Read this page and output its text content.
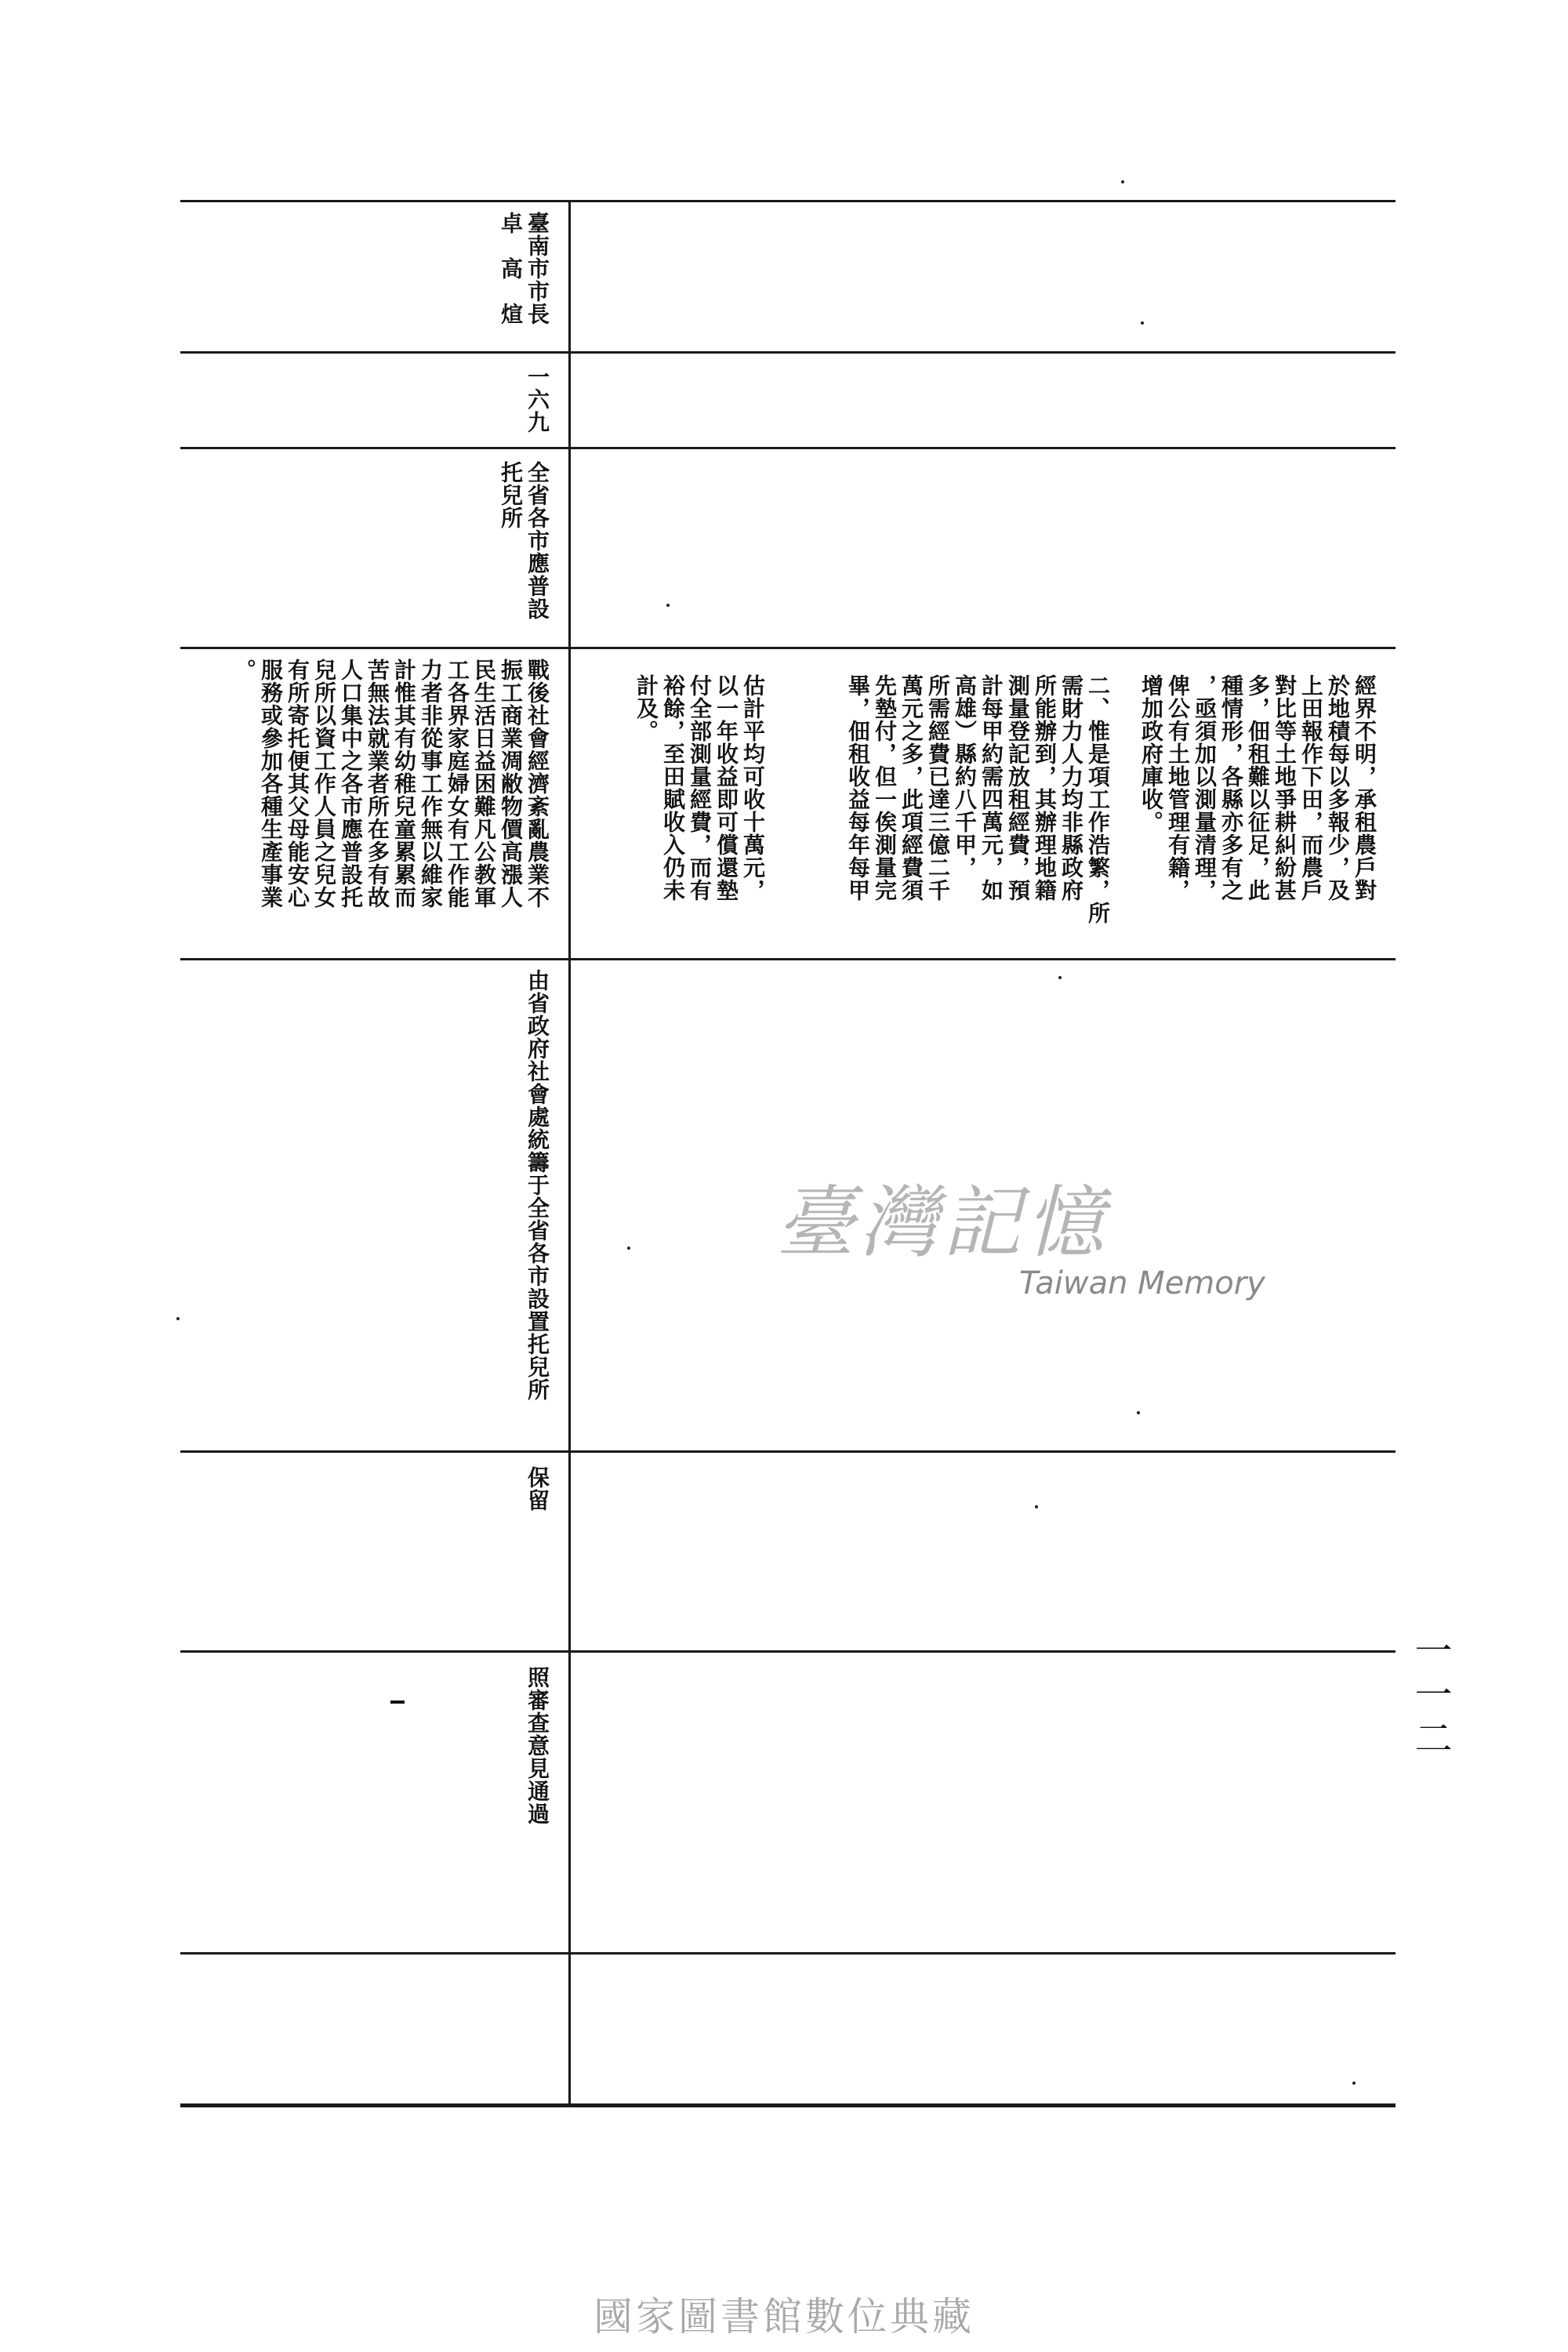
臺南市市長
卓　高　煊
一六九
全省各市應普設
托兒所
戰後社會經濟紊亂農業不
振工商業凋敝物價高漲人
民生活日益困難凡公教軍
工各界家庭婦女有工作能
力者非從事工作無以維家
計惟其有幼稚兒童累累而
苦無法就業者所在多有故
人口集中之各市應普設托
兒所以資工作人員之兒女
有所寄托便其父母能安心
服務或參加各種生產事業
。
經界不明，承租農戶對
於地積每以多報少，及
上田報作下田，而農戶
對比等土地爭耕糾紛甚
多，佃租難以征足，此
種情形，各縣亦多有之
，亟須加以測量清理，
俾公有土地管理有籍，
增加政府庫收。
二、惟是項工作浩繁，所
需財力人力均非縣政府
所能辦到，其辦理地籍
測量登記放租經費，預
計每甲約需四萬元，如
高雄）縣約八千甲，
所需經費已達三億二千
萬元之多，此項經費須
先墊付，但一俟測量完
畢，佃租收益每年每甲
估計平均可收十萬元，
以一年收益即可償還墊
付全部測量經費，而有
裕餘，至田賦收入仍未
計及。
由省政府社會處統籌于全省各市設置托兒所
保留
照審查意見通過	一一二
臺灣記憶
Taiwan Memory
國家圖書館數位典藏
